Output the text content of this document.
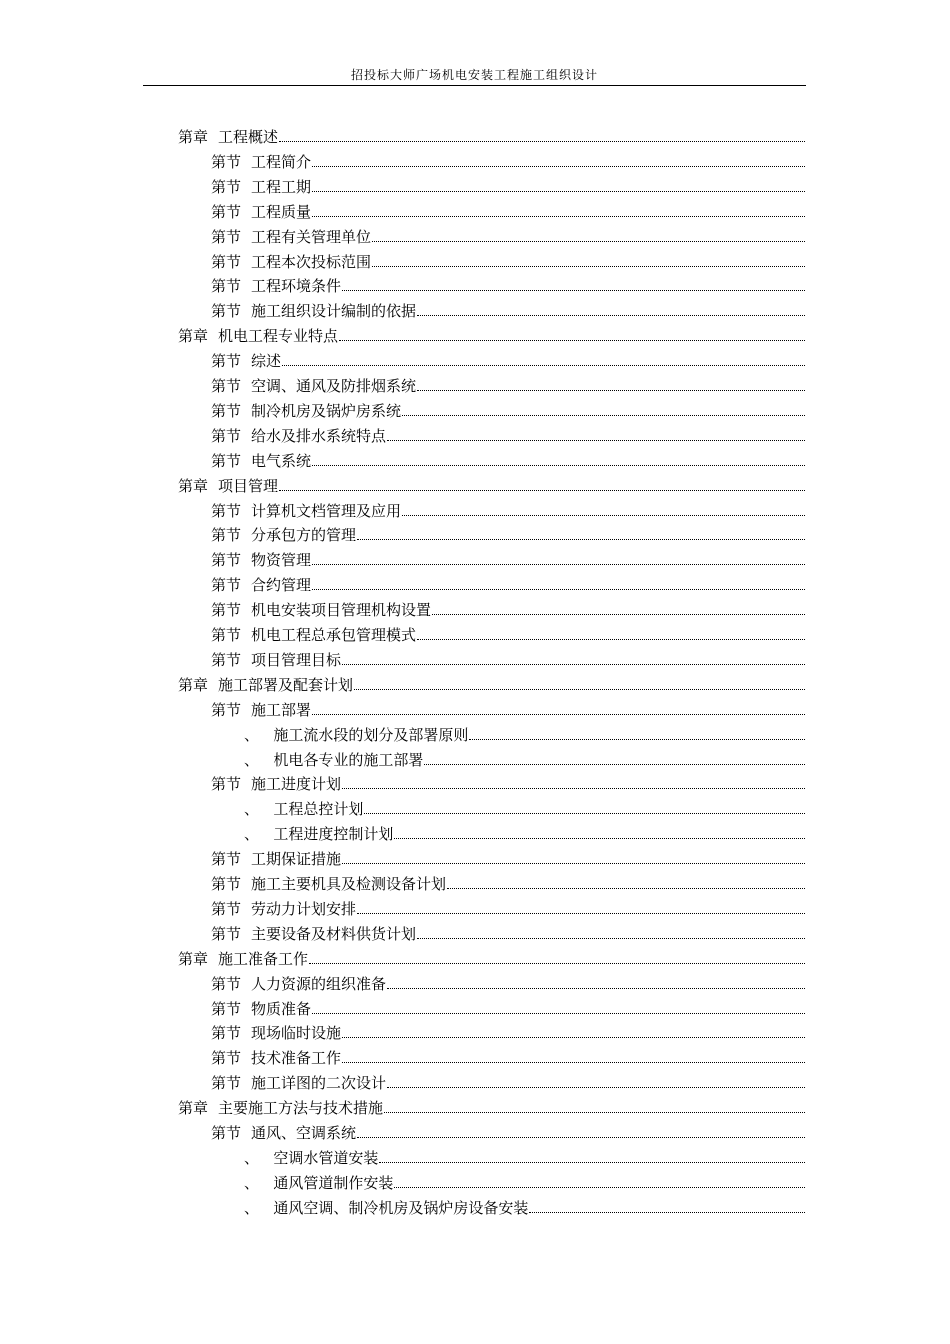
招投标大师广场机电安装工程施工组织设计
第章 工程概述
第节 工程简介
第节 工程工期
第节 工程质量
第节 工程有关管理单位
第节 工程本次投标范围
第节 工程环境条件
第节 施工组织设计编制的依据
第章 机电工程专业特点
第节 综述
第节 空调、通风及防排烟系统
第节 制冷机房及锅炉房系统
第节 给水及排水系统特点
第节 电气系统
第章 项目管理
第节 计算机文档管理及应用
第节 分承包方的管理
第节 物资管理
第节 合约管理
第节 机电安装项目管理机构设置
第节 机电工程总承包管理模式
第节 项目管理目标
第章 施工部署及配套计划
第节 施工部署
、 施工流水段的划分及部署原则
、 机电各专业的施工部署
第节 施工进度计划
、 工程总控计划
、 工程进度控制计划
第节 工期保证措施
第节 施工主要机具及检测设备计划
第节 劳动力计划安排
第节 主要设备及材料供货计划
第章 施工准备工作
第节 人力资源的组织准备
第节 物质准备
第节 现场临时设施
第节 技术准备工作
第节 施工详图的二次设计
第章 主要施工方法与技术措施
第节 通风、空调系统
、 空调水管道安装
、 通风管道制作安装
、 通风空调、制冷机房及锅炉房设备安装
